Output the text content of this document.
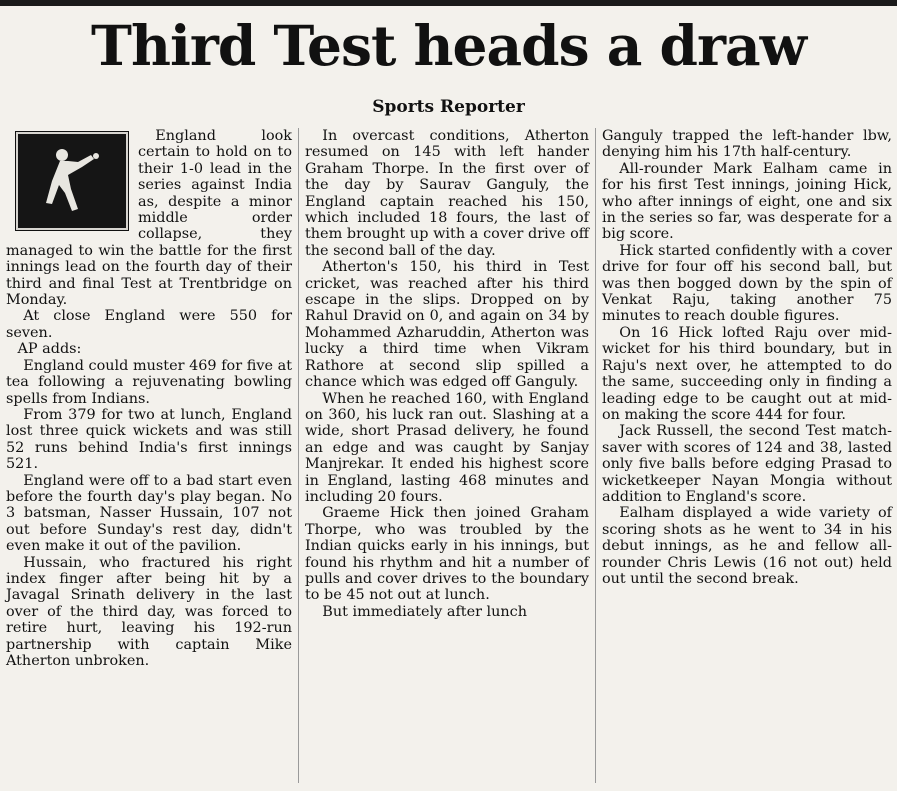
Third Test heads a draw
Sports Reporter

England look certain to hold on to their 1-0 lead in the series against India as, despite a minor middle order collapse, they managed to win the battle for the first innings lead on the fourth day of their third and final Test at Trentbridge on Monday.

At close England were 550 for seven.

AP adds:

England could muster 469 for five at tea following a rejuvenating bowling spells from Indians.

From 379 for two at lunch, England lost three quick wickets and was still 52 runs behind India's first innings 521.

England were off to a bad start even before the fourth day's play began. No 3 batsman, Nasser Hussain, 107 not out before Sunday's rest day, didn't even make it out of the pavilion.

Hussain, who fractured his right index finger after being hit by a Javagal Srinath delivery in the last over of the third day, was forced to retire hurt, leaving his 192-run partnership with captain Mike Atherton unbroken.

In overcast conditions, Atherton resumed on 145 with left hander Graham Thorpe. In the first over of the day by Saurav Ganguly, the England captain reached his 150, which included 18 fours, the last of them brought up with a cover drive off the second ball of the day.

Atherton's 150, his third in Test cricket, was reached after his third escape in the slips. Dropped on by Rahul Dravid on 0, and again on 34 by Mohammed Azharuddin, Atherton was lucky a third time when Vikram Rathore at second slip spilled a chance which was edged off Ganguly.

When he reached 160, with England on 360, his luck ran out. Slashing at a wide, short Prasad delivery, he found an edge and was caught by Sanjay Manjrekar. It ended his highest score in England, lasting 468 minutes and including 20 fours.

Graeme Hick then joined Graham Thorpe, who was troubled by the Indian quicks early in his innings, but found his rhythm and hit a number of pulls and cover drives to the boundary to be 45 not out at lunch.

But immediately after lunch

Ganguly trapped the left-hander lbw, denying him his 17th half-century.

All-rounder Mark Ealham came in for his first Test innings, joining Hick, who after innings of eight, one and six in the series so far, was desperate for a big score.

Hick started confidently with a cover drive for four off his second ball, but was then bogged down by the spin of Venkat Raju, taking another 75 minutes to reach double figures.

On 16 Hick lofted Raju over mid-wicket for his third boundary, but in Raju's next over, he attempted to do the same, succeeding only in finding a leading edge to be caught out at mid-on making the score 444 for four.

Jack Russell, the second Test match-saver with scores of 124 and 38, lasted only five balls before edging Prasad to wicketkeeper Nayan Mongia without addition to England's score.

Ealham displayed a wide variety of scoring shots as he went to 34 in his debut innings, as he and fellow all-rounder Chris Lewis (16 not out) held out until the second break.
